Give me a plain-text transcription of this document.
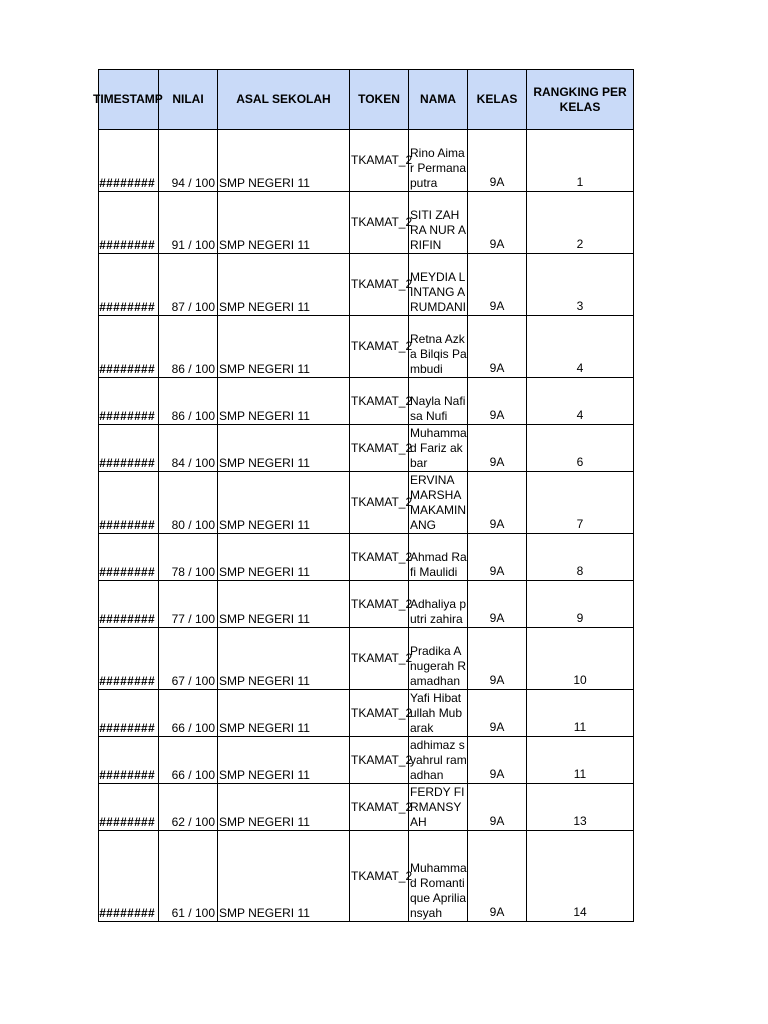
TIMESTAMP	NILAI	ASAL SEKOLAH	TOKEN	NAMA	KELAS	RANGKING PER KELAS
########	94 / 100	SMP NEGERI 11	TKAMAT_2	Rino Aimar Permana putra	9A	1
########	91 / 100	SMP NEGERI 11	TKAMAT_2	SITI ZAHRA NUR ARIFIN	9A	2
########	87 / 100	SMP NEGERI 11	TKAMAT_2	MEYDIA LINTANG ARUMDANI	9A	3
########	86 / 100	SMP NEGERI 11	TKAMAT_2	Retna Azka Bilqis Pambudi	9A	4
########	86 / 100	SMP NEGERI 11	TKAMAT_2	Nayla Nafisa Nufi	9A	4
########	84 / 100	SMP NEGERI 11	TKAMAT_2	Muhammad Fariz akbar	9A	6
########	80 / 100	SMP NEGERI 11	TKAMAT_2	ERVINA MARSHA MAKAMINANG	9A	7
########	78 / 100	SMP NEGERI 11	TKAMAT_2	Ahmad Rafi Maulidi	9A	8
########	77 / 100	SMP NEGERI 11	TKAMAT_2	Adhaliya putri zahira	9A	9
########	67 / 100	SMP NEGERI 11	TKAMAT_2	Pradika Anugerah Ramadhan	9A	10
########	66 / 100	SMP NEGERI 11	TKAMAT_2	Yafi Hibatullah Mubarak	9A	11
########	66 / 100	SMP NEGERI 11	TKAMAT_2	adhimaz syahrul ramadhan	9A	11
########	62 / 100	SMP NEGERI 11	TKAMAT_2	FERDY FIRMANSYAH	9A	13
########	61 / 100	SMP NEGERI 11	TKAMAT_2	Muhammad Romantique Apriliansyah	9A	14
